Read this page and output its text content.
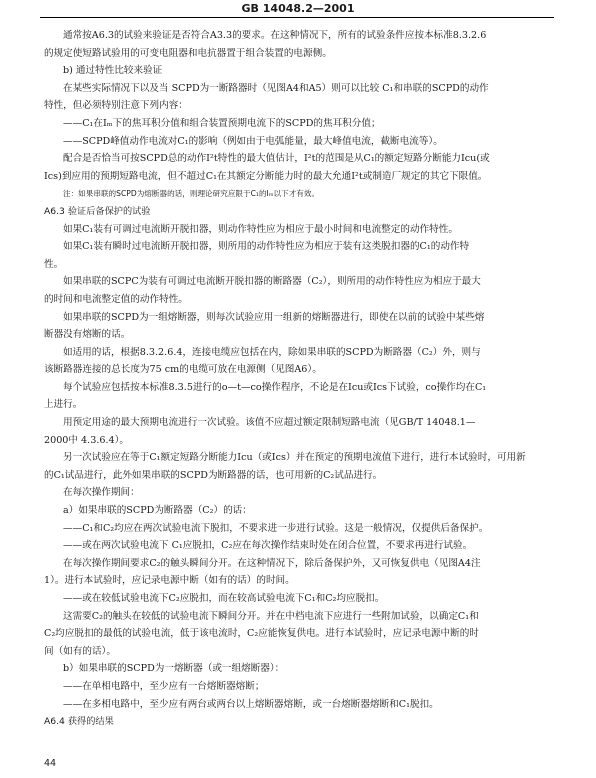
GB 14048.2—2001
通常按A6.3的试验来验证是否符合A3.3的要求。在这种情况下，所有的试验条件应按本标准8.3.2.6
的规定使短路试验用的可变电阻器和电抗器置于组合装置的电源侧。
b) 通过特性比较来验证
在某些实际情况下以及当 SCPD为一断路器时（见图A4和A5）则可以比较 C₁和串联的SCPD的动作
特性，但必须特别注意下列内容：
——C₁在Iₘ下的焦耳积分值和组合装置预期电流下的SCPD的焦耳积分值；
——SCPD峰值动作电流对C₁的影响（例如由于电弧能量，最大峰值电流，截断电流等）。
配合是否恰当可按SCPD总的动作I²t特性的最大值估计，I²t的范围是从C₁的额定短路分断能力Icu(或
Ics)到应用的预期短路电流，但不超过C₁在其额定分断能力时的最大允通I²t或制造厂规定的其它下限值。
注：如果串联的SCPD为熔断器的话，则理论研究应限于C₁的Iₘ以下才有效。
A6.3 验证后备保护的试验
如果C₁装有可调过电流断开脱扣器，则动作特性应为相应于最小时间和电流整定的动作特性。
如果C₁装有瞬时过电流断开脱扣器，则所用的动作特性应为相应于装有这类脱扣器的C₁的动作特
性。
如果串联的SCPC为装有可调过电流断开脱扣器的断路器（C₂），则所用的动作特性应为相应于最大
的时间和电流整定值的动作特性。
如果串联的SCPD为一组熔断器，则每次试验应用一组新的熔断器进行，即使在以前的试验中某些熔
断器没有熔断的话。
如适用的话，根据8.3.2.6.4，连接电缆应包括在内，除如果串联的SCPD为断路器（C₂）外，则与
该断路器连接的总长度为75 cm的电缆可放在电源侧（见图A6）。
每个试验应包括按本标准8.3.5进行的o—t—co操作程序，不论是在Icu或Ics下试验，co操作均在C₁
上进行。
用预定用途的最大预期电流进行一次试验。该值不应超过额定限制短路电流（见GB/T 14048.1—
2000中 4.3.6.4）。
另一次试验应在等于C₁额定短路分断能力Icu（或Ics）并在预定的预期电流值下进行，进行本试验时，可用新
的C₁试品进行，此外如果串联的SCPD为断路器的话，也可用新的C₂试品进行。
在每次操作期间：
a）如果串联的SCPD为断路器（C₂）的话：
——C₁和C₂均应在两次试验电流下脱扣，不要求进一步进行试验。这是一般情况，仅提供后备保护。
——或在两次试验电流下 C₁应脱扣，C₂应在每次操作结束时处在闭合位置，不要求再进行试验。
在每次操作期间要求C₂的触头瞬间分开。在这种情况下，除后备保护外，又可恢复供电（见图A4注
1）。进行本试验时，应记录电源中断（如有的话）的时间。
——或在较低试验电流下C₂应脱扣，而在较高试验电流下C₁和C₂均应脱扣。
这需要C₂的触头在较低的试验电流下瞬间分开。并在中档电流下应进行一些附加试验，以确定C₁和
C₂均应脱扣的最低的试验电流，低于该电流时，C₂应能恢复供电。进行本试验时，应记录电源中断的时
间（如有的话）。
b）如果串联的SCPD为一熔断器（或一组熔断器）：
——在单相电路中，至少应有一台熔断器熔断；
——在多相电路中，至少应有两台或两台以上熔断器熔断，或一台熔断器熔断和C₁脱扣。
A6.4 获得的结果
44
